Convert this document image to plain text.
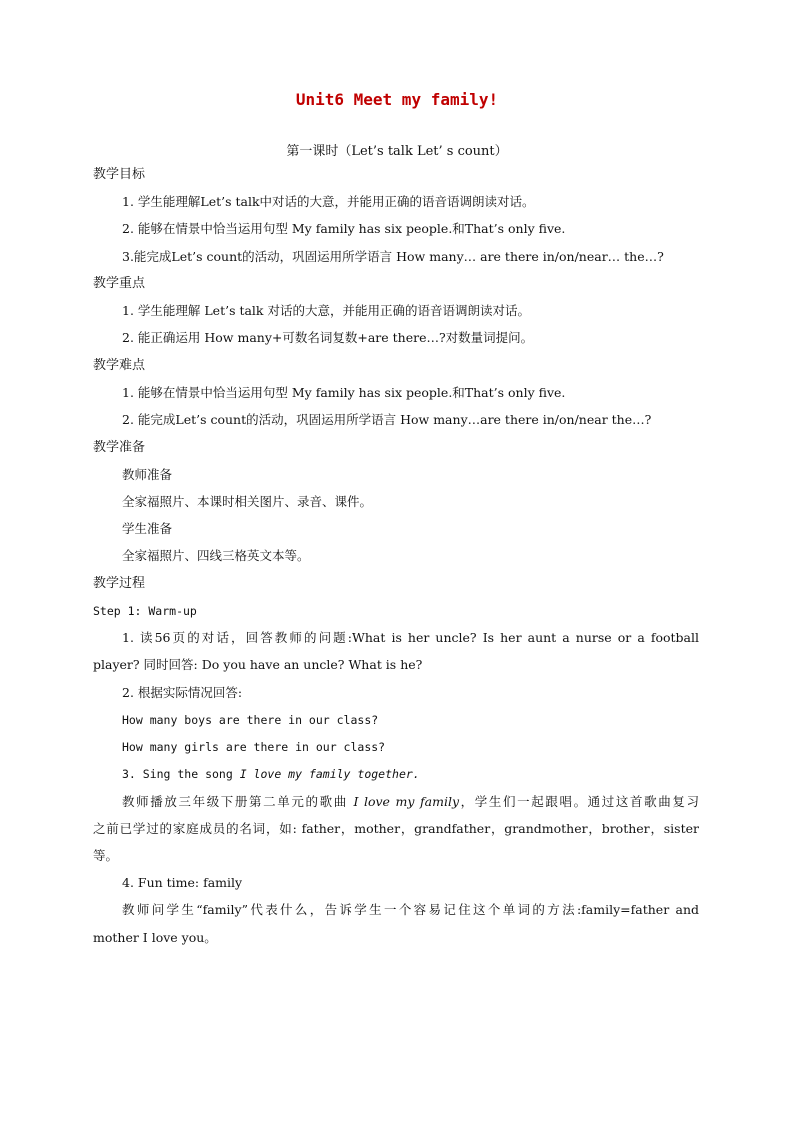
Unit6 Meet my family!
第一课时（Let’s talk Let’ s count）
教学目标
1. 学生能理解Let’s talk中对话的大意，并能用正确的语音语调朗读对话。
2. 能够在情景中恰当运用句型 My family has six people.和That’s only five.
3.能完成Let’s count的活动，巩固运用所学语言 How many… are there in/on/near… the…?
教学重点
1. 学生能理解 Let’s talk 对话的大意，并能用正确的语音语调朗读对话。
2. 能正确运用 How many+可数名词复数+are there…?对数量词提问。
教学难点
1. 能够在情景中恰当运用句型 My family has six people.和That’s only five.
2. 能完成Let’s count的活动，巩固运用所学语言 How many…are there in/on/near the…?
教学准备
教师准备
全家福照片、本课时相关图片、录音、课件。
学生准备
全家福照片、四线三格英文本等。
教学过程
Step 1: Warm-up
1. 读56页的对话，回答教师的问题:What is her uncle? Is her aunt a nurse or a football
player? 同时回答: Do you have an uncle? What is he?
2. 根据实际情况回答:
How many boys are there in our class?
How many girls are there in our class?
3. Sing the song I love my family together.
教师播放三年级下册第二单元的歌曲 I love my family，学生们一起跟唱。通过这首歌曲复习
之前已学过的家庭成员的名词，如: father，mother，grandfather，grandmother，brother，sister
等。
4. Fun time: family
教师问学生“family”代表什么，告诉学生一个容易记住这个单词的方法:family=father and
mother I love you。
